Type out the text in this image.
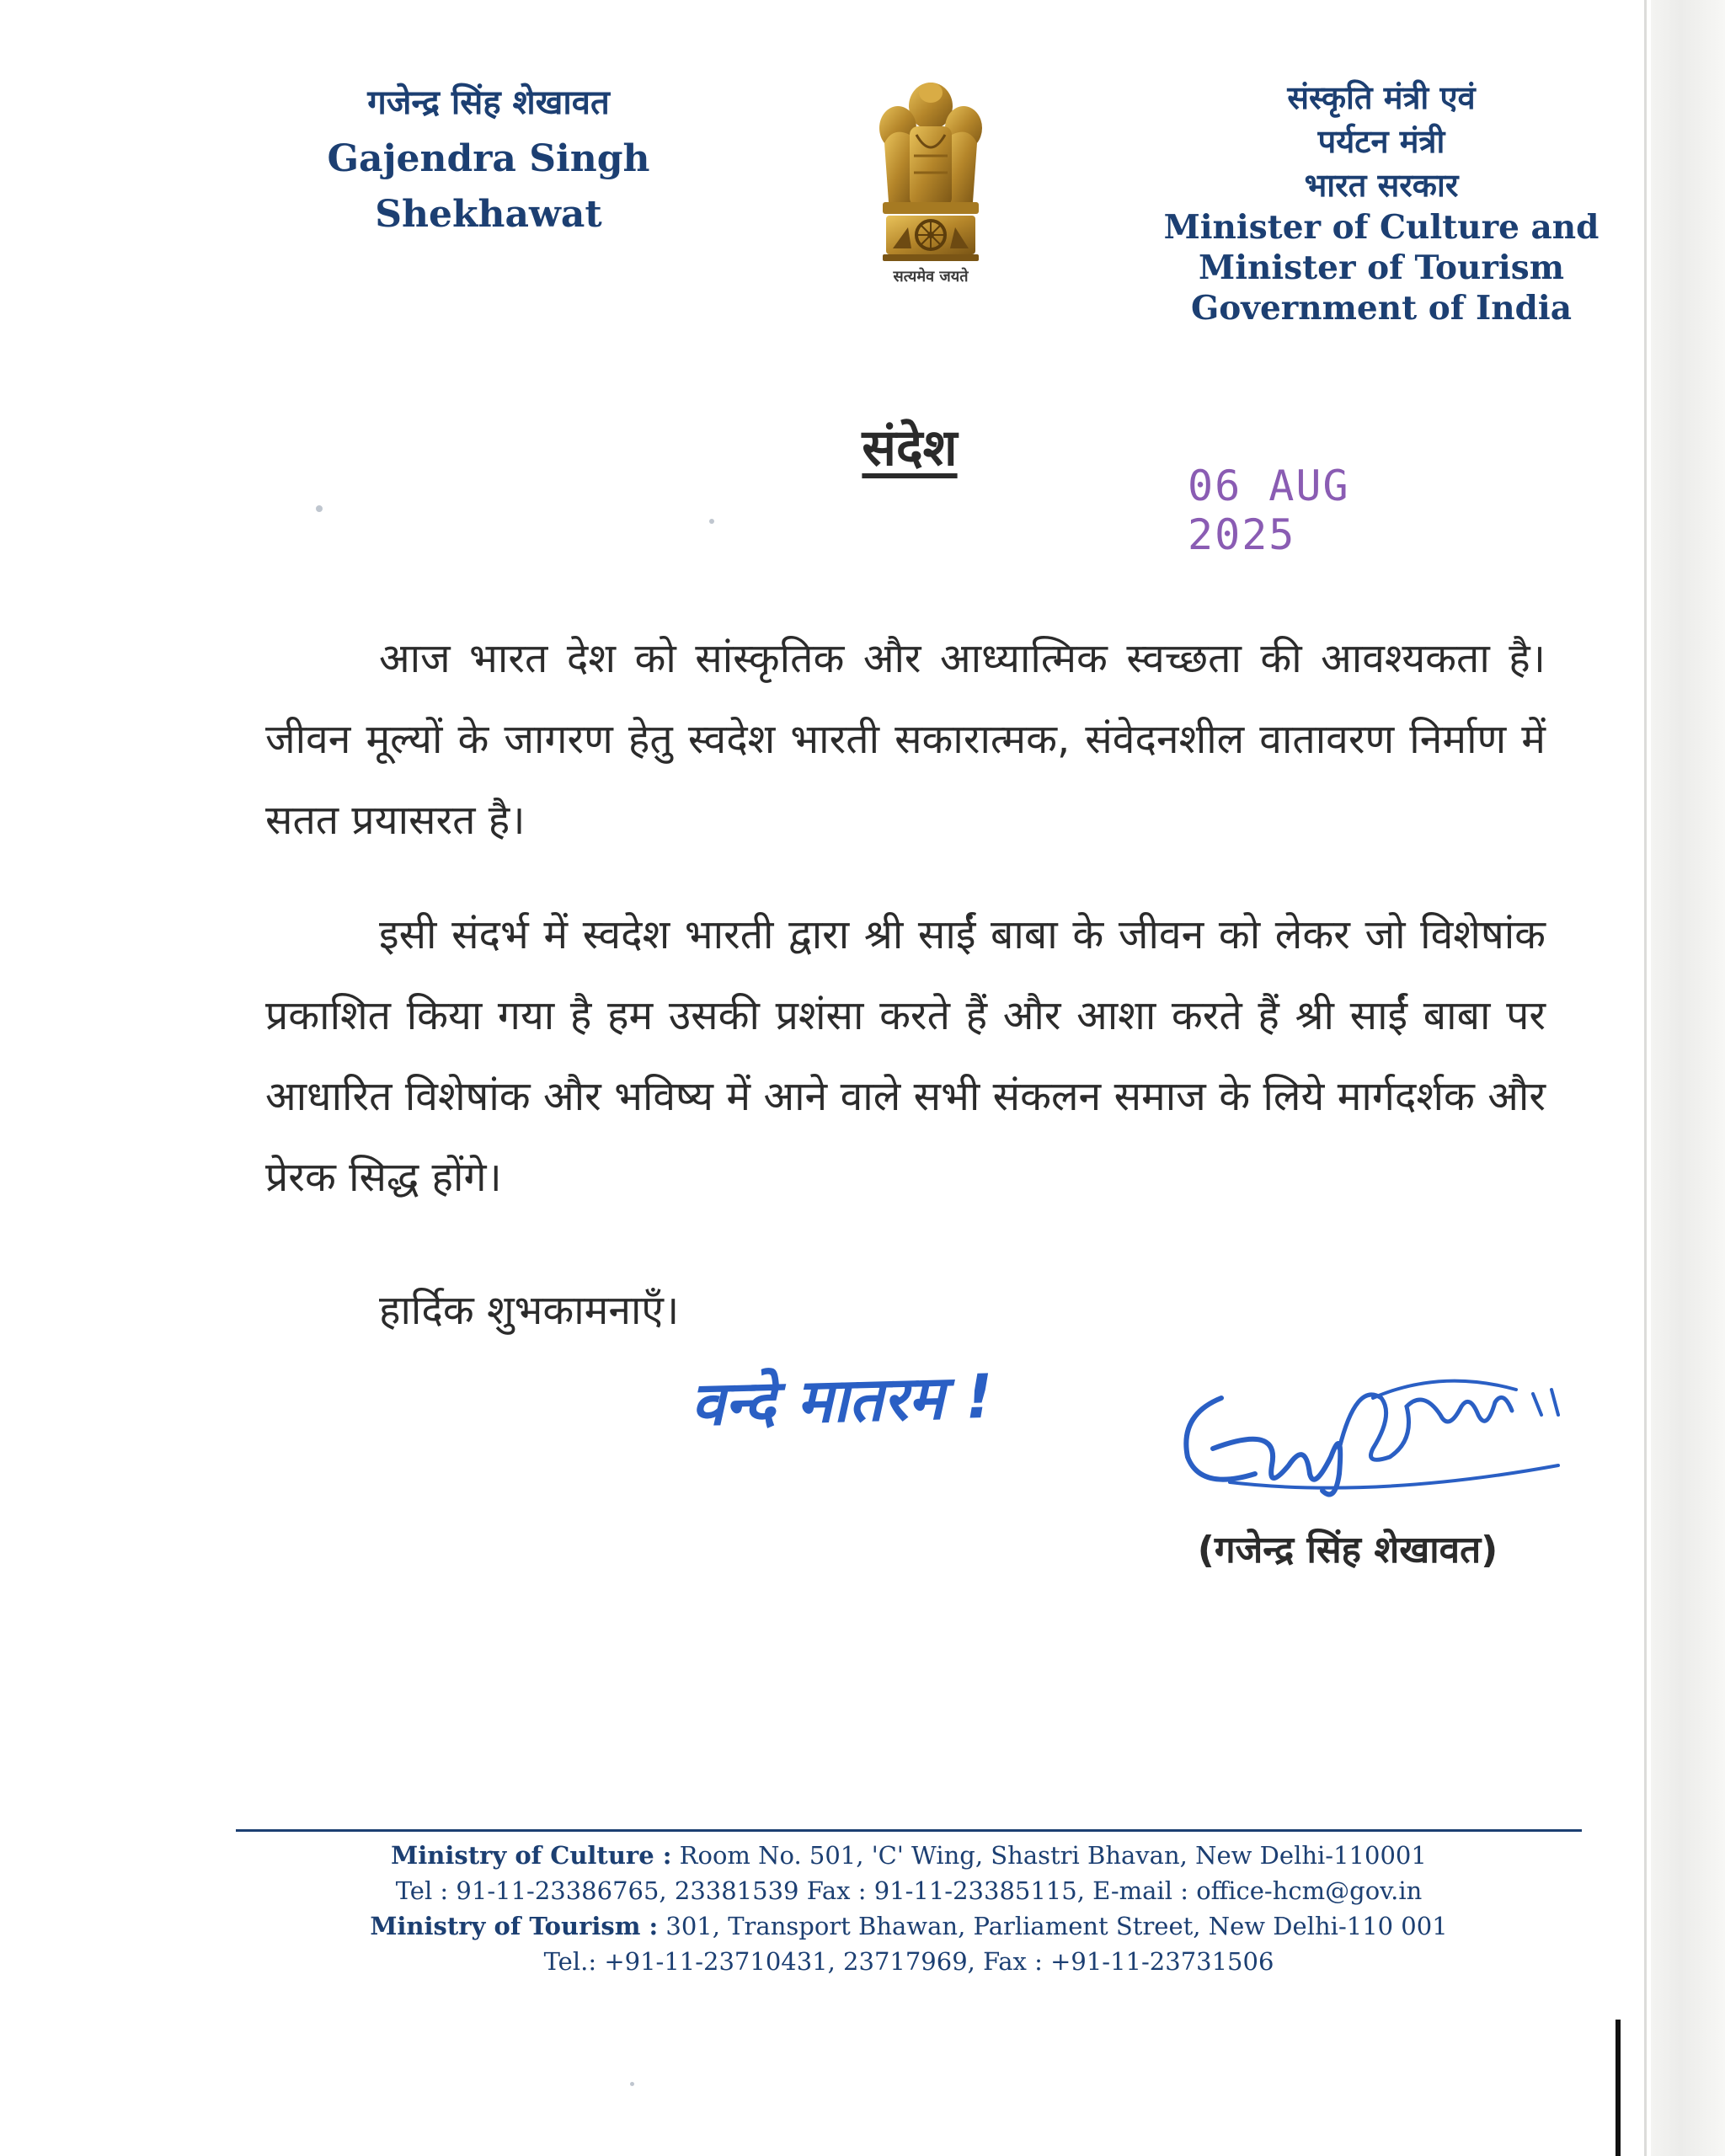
गजेन्द्र सिंह शेखावत
Gajendra Singh Shekhawat
सत्यमेव जयते
संस्कृति मंत्री एवं
पर्यटन मंत्री
भारत सरकार
Minister of Culture and
Minister of Tourism
Government of India
संदेश
06 AUG 2025
आज भारत देश को सांस्कृतिक और आध्यात्मिक स्वच्छता की आवश्यकता है। जीवन मूल्यों के जागरण हेतु स्वदेश भारती सकारात्मक, संवेदनशील वातावरण निर्माण में सतत प्रयासरत है।
इसी संदर्भ में स्वदेश भारती द्वारा श्री साईं बाबा के जीवन को लेकर जो विशेषांक प्रकाशित किया गया है हम उसकी प्रशंसा करते हैं और आशा करते हैं श्री साईं बाबा पर आधारित विशेषांक और भविष्य में आने वाले सभी संकलन समाज के लिये मार्गदर्शक और प्रेरक सिद्ध होंगे।
हार्दिक शुभकामनाएँ।
वन्दे मातरम !
(गजेन्द्र सिंह शेखावत)
Ministry of Culture : Room No. 501, 'C' Wing, Shastri Bhavan, New Delhi-110001
Tel : 91-11-23386765, 23381539 Fax : 91-11-23385115, E-mail : office-hcm@gov.in
Ministry of Tourism : 301, Transport Bhawan, Parliament Street, New Delhi-110 001
Tel.: +91-11-23710431, 23717969, Fax : +91-11-23731506
